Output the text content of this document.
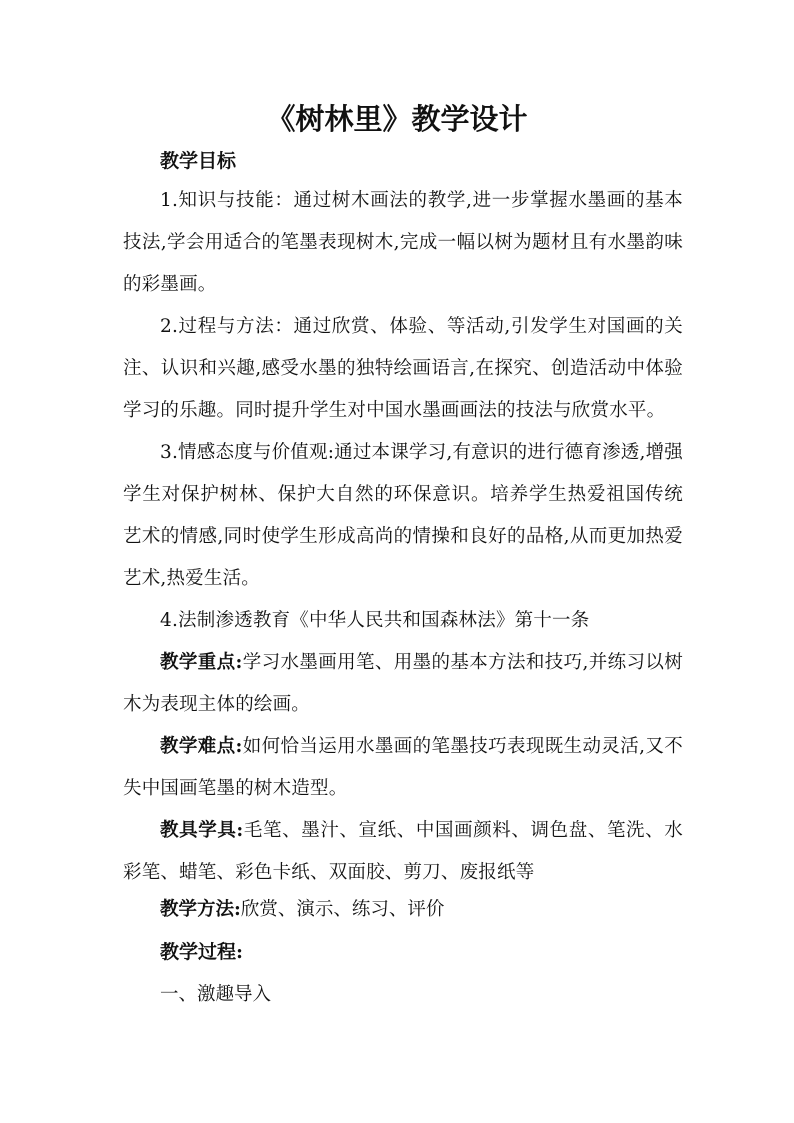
《树林里》教学设计
教学目标
1.知识与技能：通过树木画法的教学,进一步掌握水墨画的基本技法,学会用适合的笔墨表现树木,完成一幅以树为题材且有水墨韵味的彩墨画。
2.过程与方法：通过欣赏、体验、等活动,引发学生对国画的关注、认识和兴趣,感受水墨的独特绘画语言,在探究、创造活动中体验学习的乐趣。同时提升学生对中国水墨画画法的技法与欣赏水平。
3.情感态度与价值观:通过本课学习,有意识的进行德育渗透,增强学生对保护树林、保护大自然的环保意识。培养学生热爱祖国传统艺术的情感,同时使学生形成高尚的情操和良好的品格,从而更加热爱艺术,热爱生活。
4.法制渗透教育《中华人民共和国森林法》第十一条
教学重点:学习水墨画用笔、用墨的基本方法和技巧,并练习以树木为表现主体的绘画。
教学难点:如何恰当运用水墨画的笔墨技巧表现既生动灵活,又不失中国画笔墨的树木造型。
教具学具:毛笔、墨汁、宣纸、中国画颜料、调色盘、笔洗、水彩笔、蜡笔、彩色卡纸、双面胶、剪刀、废报纸等
教学方法:欣赏、演示、练习、评价
教学过程:
一、激趣导入
